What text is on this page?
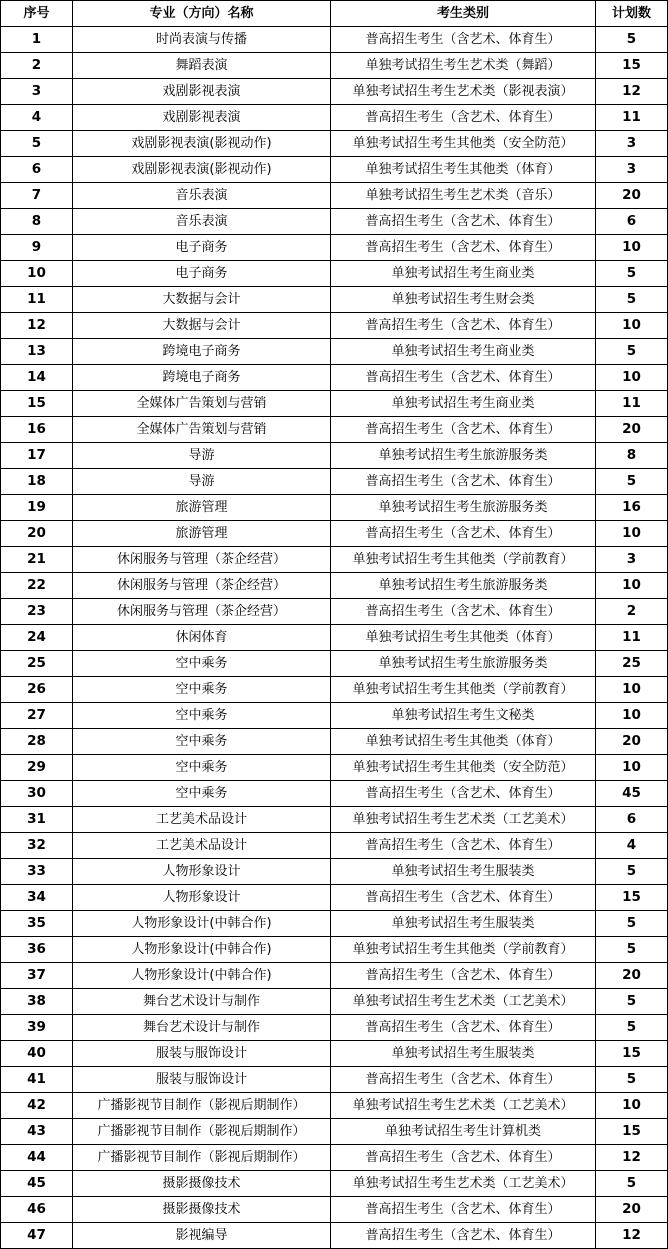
序号	专业（方向）名称	考生类别	计划数
1	时尚表演与传播	普高招生考生（含艺术、体育生）	5
2	舞蹈表演	单独考试招生考生艺术类（舞蹈）	15
3	戏剧影视表演	单独考试招生考生艺术类（影视表演）	12
4	戏剧影视表演	普高招生考生（含艺术、体育生）	11
5	戏剧影视表演(影视动作)	单独考试招生考生其他类（安全防范）	3
6	戏剧影视表演(影视动作)	单独考试招生考生其他类（体育）	3
7	音乐表演	单独考试招生考生艺术类（音乐）	20
8	音乐表演	普高招生考生（含艺术、体育生）	6
9	电子商务	普高招生考生（含艺术、体育生）	10
10	电子商务	单独考试招生考生商业类	5
11	大数据与会计	单独考试招生考生财会类	5
12	大数据与会计	普高招生考生（含艺术、体育生）	10
13	跨境电子商务	单独考试招生考生商业类	5
14	跨境电子商务	普高招生考生（含艺术、体育生）	10
15	全媒体广告策划与营销	单独考试招生考生商业类	11
16	全媒体广告策划与营销	普高招生考生（含艺术、体育生）	20
17	导游	单独考试招生考生旅游服务类	8
18	导游	普高招生考生（含艺术、体育生）	5
19	旅游管理	单独考试招生考生旅游服务类	16
20	旅游管理	普高招生考生（含艺术、体育生）	10
21	休闲服务与管理（茶企经营）	单独考试招生考生其他类（学前教育）	3
22	休闲服务与管理（茶企经营）	单独考试招生考生旅游服务类	10
23	休闲服务与管理（茶企经营）	普高招生考生（含艺术、体育生）	2
24	休闲体育	单独考试招生考生其他类（体育）	11
25	空中乘务	单独考试招生考生旅游服务类	25
26	空中乘务	单独考试招生考生其他类（学前教育）	10
27	空中乘务	单独考试招生考生文秘类	10
28	空中乘务	单独考试招生考生其他类（体育）	20
29	空中乘务	单独考试招生考生其他类（安全防范）	10
30	空中乘务	普高招生考生（含艺术、体育生）	45
31	工艺美术品设计	单独考试招生考生艺术类（工艺美术）	6
32	工艺美术品设计	普高招生考生（含艺术、体育生）	4
33	人物形象设计	单独考试招生考生服装类	5
34	人物形象设计	普高招生考生（含艺术、体育生）	15
35	人物形象设计(中韩合作)	单独考试招生考生服装类	5
36	人物形象设计(中韩合作)	单独考试招生考生其他类（学前教育）	5
37	人物形象设计(中韩合作)	普高招生考生（含艺术、体育生）	20
38	舞台艺术设计与制作	单独考试招生考生艺术类（工艺美术）	5
39	舞台艺术设计与制作	普高招生考生（含艺术、体育生）	5
40	服装与服饰设计	单独考试招生考生服装类	15
41	服装与服饰设计	普高招生考生（含艺术、体育生）	5
42	广播影视节目制作（影视后期制作）	单独考试招生考生艺术类（工艺美术）	10
43	广播影视节目制作（影视后期制作）	单独考试招生考生计算机类	15
44	广播影视节目制作（影视后期制作）	普高招生考生（含艺术、体育生）	12
45	摄影摄像技术	单独考试招生考生艺术类（工艺美术）	5
46	摄影摄像技术	普高招生考生（含艺术、体育生）	20
47	影视编导	普高招生考生（含艺术、体育生）	12
